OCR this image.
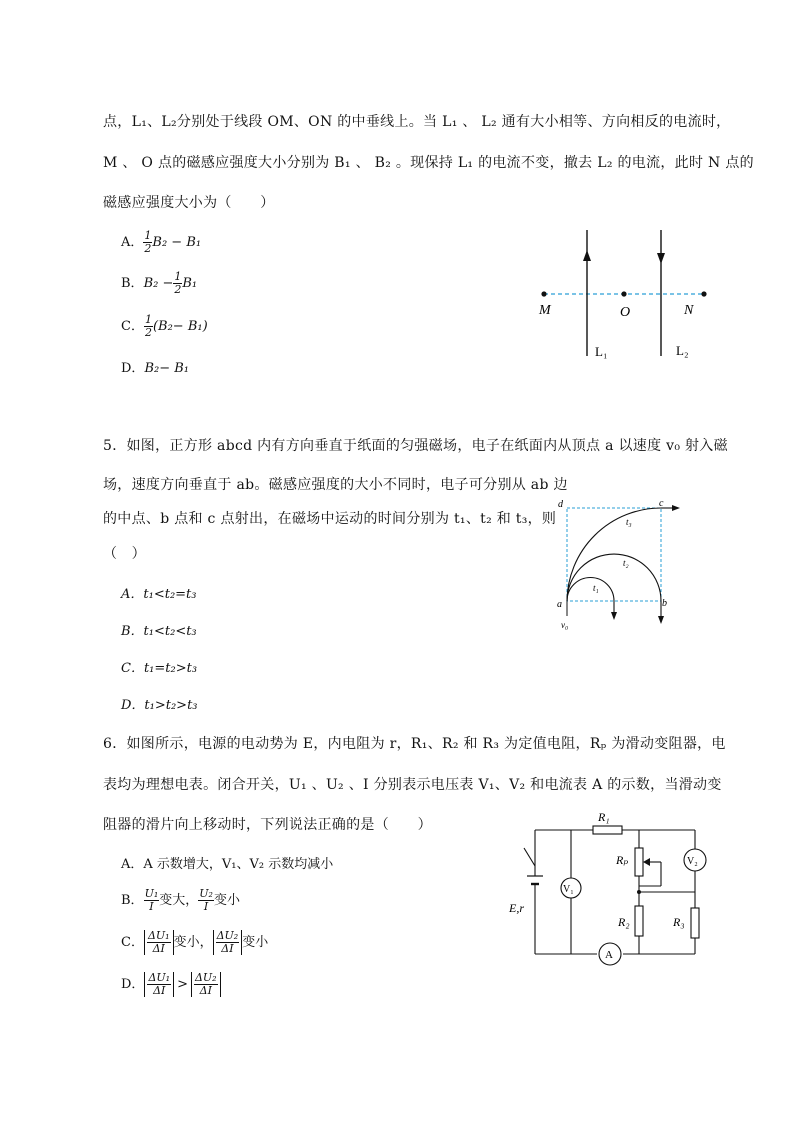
点，L₁、L₂分别处于线段 OM、ON 的中垂线上。当 L₁ 、 L₂ 通有大小相等、方向相反的电流时，
M 、 O 点的磁感应强度大小分别为 B₁ 、 B₂ 。现保持 L₁ 的电流不变，撤去 L₂ 的电流，此时 N 点的
磁感应强度大小为（　　）
A． $\frac{1}{2} B_2 - B_1$
B．$B_2 - \frac{1}{2} B_1$
C． $\frac{1}{2} (B_2- B_1)$
D．B₂− B₁
M	O	N
L₁	L₂
5．如图，正方形 abcd 内有方向垂直于纸面的匀强磁场，电子在纸面内从顶点 a 以速度 v₀ 射入磁
场，速度方向垂直于 ab。磁感应强度的大小不同时，电子可分别从 ab 边
的中点、b 点和 c 点射出，在磁场中运动的时间分别为 t₁、t₂ 和 t₃，则
（　）
A．t₁<t₂=t₃
B．t₁<t₂<t₃
C．t₁=t₂>t₃
D．t₁>t₂>t₃
d	c
a	b
t₃
t₂
t₁
v₀
6．如图所示，电源的电动势为 E，内电阻为 r，R₁、R₂ 和 R₃ 为定值电阻，Rₚ 为滑动变阻器，电
表均为理想电表。闭合开关，U₁ 、U₂ 、I 分别表示电压表 V₁、V₂ 和电流表 A 的示数，当滑动变
阻器的滑片向上移动时，下列说法正确的是（　　）
A．A 示数增大，V₁、V₂ 示数均减小
B． $\frac{\text{U₁}}{I}$ 变大， $\frac{\text{U₂}}{I}$ 变小
C． $\frac{\text{ΔU₁}}{\Delta I}$ 变小， $\frac{\text{ΔU₂}}{\Delta I}$ 变小
D． $\frac{\text{ΔU₁}}{\Delta I} > \frac{\text{ΔU₂}}{\Delta I}$
R₁
Rₚ
R₂	R₃
E,r
V₁
V₂
A
